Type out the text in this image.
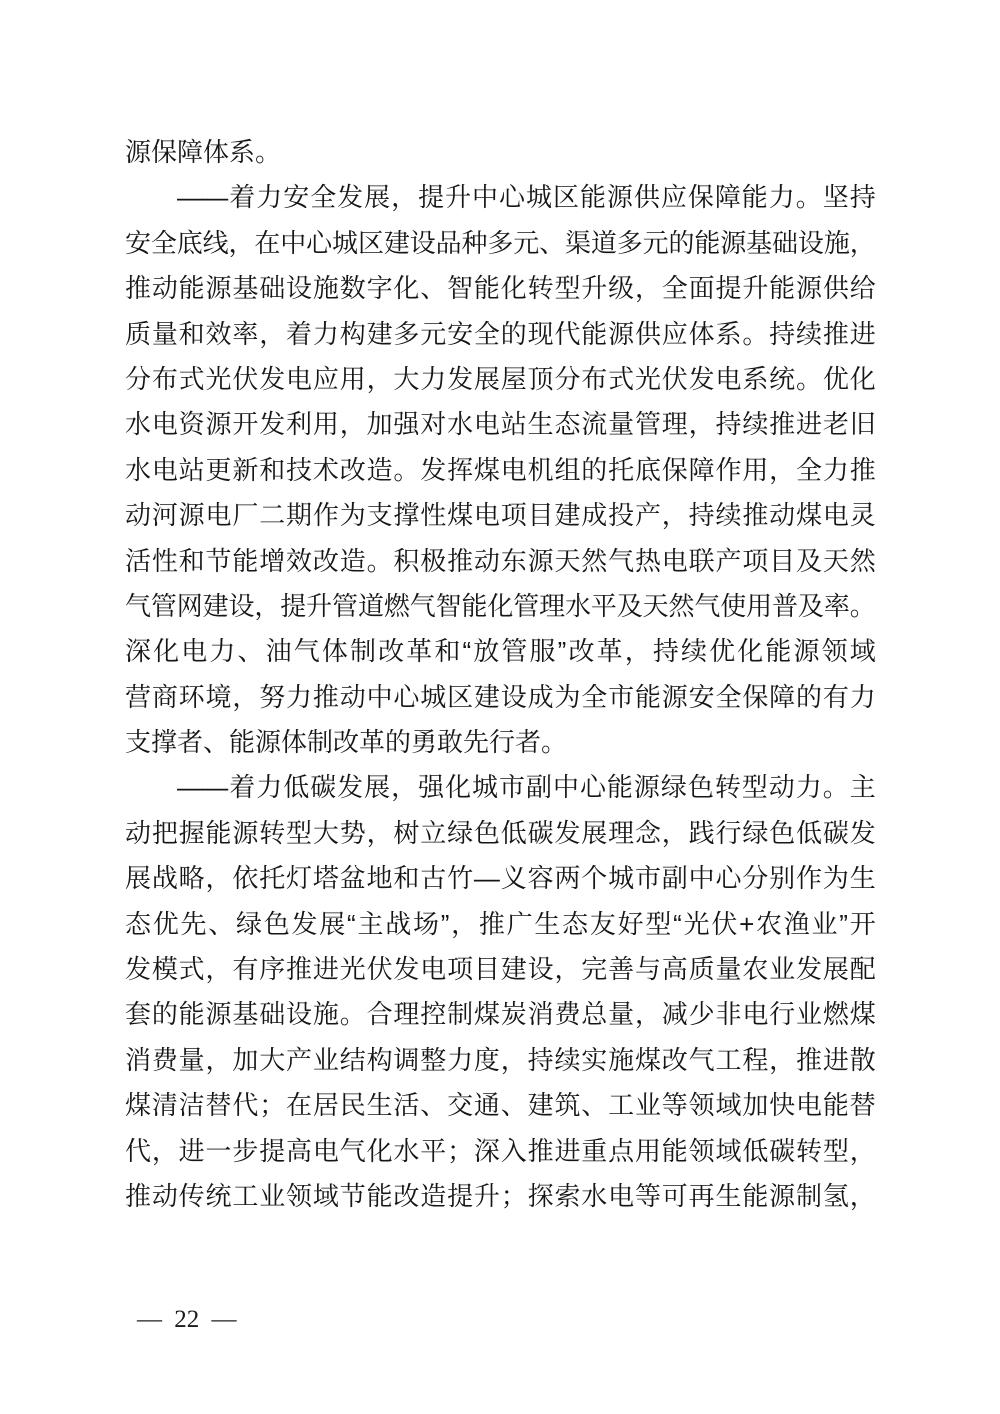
源保障体系。
——着力安全发展，提升中心城区能源供应保障能力。坚持
安全底线，在中心城区建设品种多元、渠道多元的能源基础设施，
推动能源基础设施数字化、智能化转型升级，全面提升能源供给
质量和效率，着力构建多元安全的现代能源供应体系。持续推进
分布式光伏发电应用，大力发展屋顶分布式光伏发电系统。优化
水电资源开发利用，加强对水电站生态流量管理，持续推进老旧
水电站更新和技术改造。发挥煤电机组的托底保障作用，全力推
动河源电厂二期作为支撑性煤电项目建成投产，持续推动煤电灵
活性和节能增效改造。积极推动东源天然气热电联产项目及天然
气管网建设，提升管道燃气智能化管理水平及天然气使用普及率。
深化电力、油气体制改革和“放管服”改革，持续优化能源领域
营商环境，努力推动中心城区建设成为全市能源安全保障的有力
支撑者、能源体制改革的勇敢先行者。
——着力低碳发展，强化城市副中心能源绿色转型动力。主
动把握能源转型大势，树立绿色低碳发展理念，践行绿色低碳发
展战略，依托灯塔盆地和古竹—义容两个城市副中心分别作为生
态优先、绿色发展“主战场”，推广生态友好型“光伏+农渔业”开
发模式，有序推进光伏发电项目建设，完善与高质量农业发展配
套的能源基础设施。合理控制煤炭消费总量，减少非电行业燃煤
消费量，加大产业结构调整力度，持续实施煤改气工程，推进散
煤清洁替代；在居民生活、交通、建筑、工业等领域加快电能替
代，进一步提高电气化水平；深入推进重点用能领域低碳转型，
推动传统工业领域节能改造提升；探索水电等可再生能源制氢，
— 22 —
